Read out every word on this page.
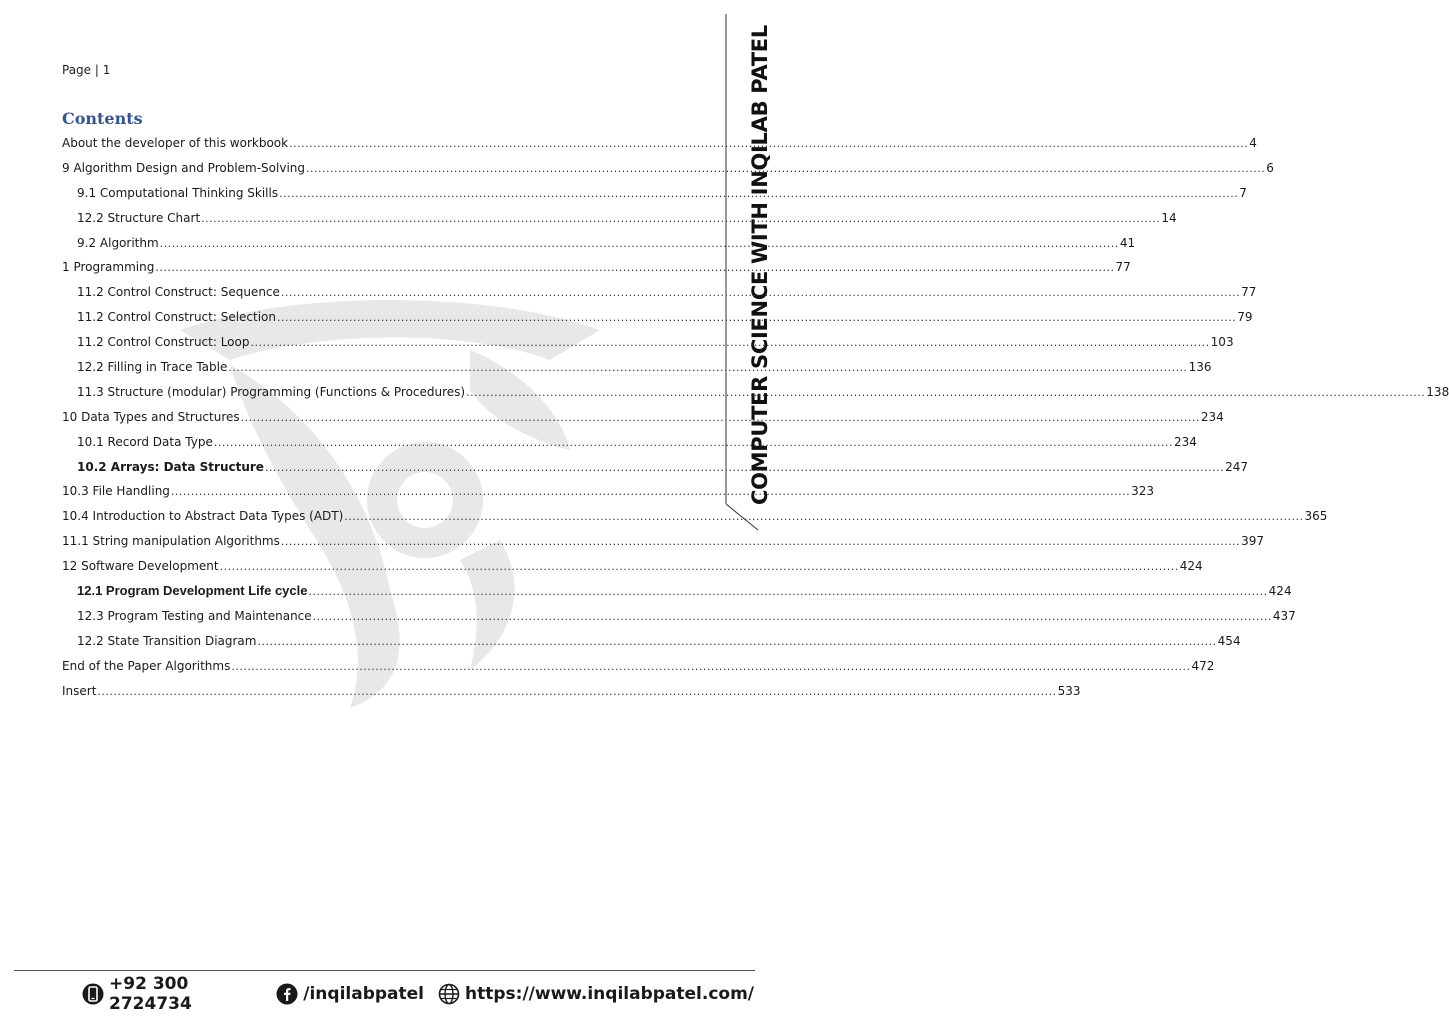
Page | 1	COMPUTER SCIENCE WITH INQILAB PATEL
Contents
About the developer of this workbook .....	4
9 Algorithm Design and Problem-Solving .....	6
9.1 Computational Thinking Skills .....	7
12.2 Structure Chart .....	14
9.2 Algorithm .....	41
1 Programming .....	77
11.2 Control Construct: Sequence .....	77
11.2 Control Construct: Selection .....	79
11.2 Control Construct: Loop .....	103
12.2 Filling in Trace Table .....	136
11.3 Structure (modular) Programming (Functions & Procedures) .....	138
10 Data Types and Structures .....	234
10.1 Record Data Type .....	234
10.2 Arrays: Data Structure .....	247
10.3 File Handling .....	323
10.4 Introduction to Abstract Data Types (ADT) .....	365
11.1 String manipulation Algorithms .....	397
12 Software Development .....	424
12.1 Program Development Life cycle .....	424
12.3 Program Testing and Maintenance .....	437
12.2 State Transition Diagram .....	454
End of the Paper Algorithms .....	472
Insert .....	533
+92 300 2724734	/inqilabpatel https://www.inqilabpatel.com/
